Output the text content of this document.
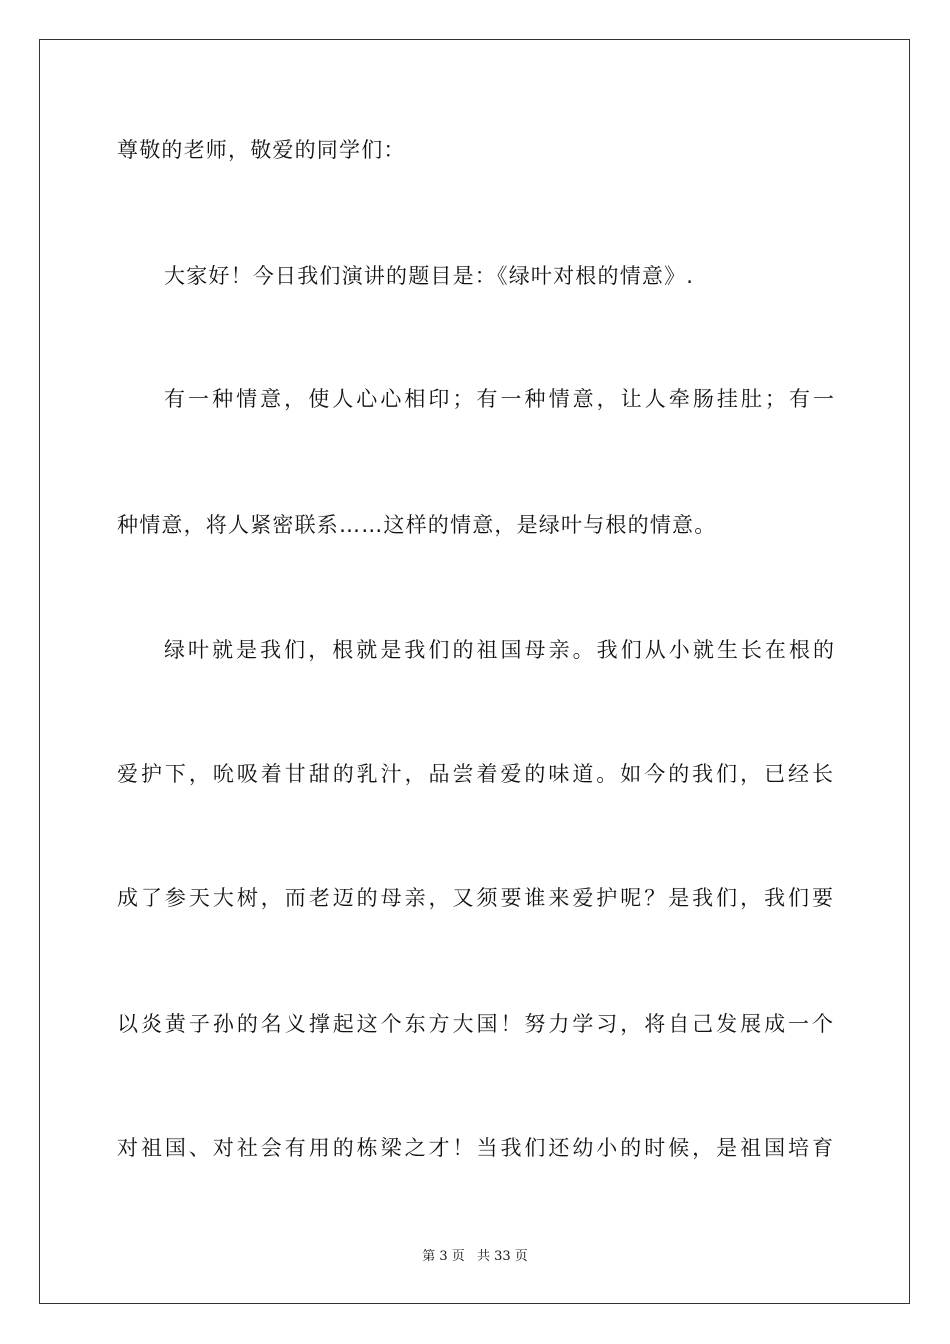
尊敬的老师，敬爱的同学们：
大家好！今日我们演讲的题目是：《绿叶对根的情意》.
有一种情意，使人心心相印；有一种情意，让人牵肠挂肚；有一
种情意，将人紧密联系……这样的情意，是绿叶与根的情意。
绿叶就是我们，根就是我们的祖国母亲。我们从小就生长在根的
爱护下，吮吸着甘甜的乳汁，品尝着爱的味道。如今的我们，已经长
成了参天大树，而老迈的母亲，又须要谁来爱护呢？是我们，我们要
以炎黄子孙的名义撑起这个东方大国！努力学习，将自己发展成一个
对祖国、对社会有用的栋梁之才！当我们还幼小的时候，是祖国培育
第 3 页 共 33 页
